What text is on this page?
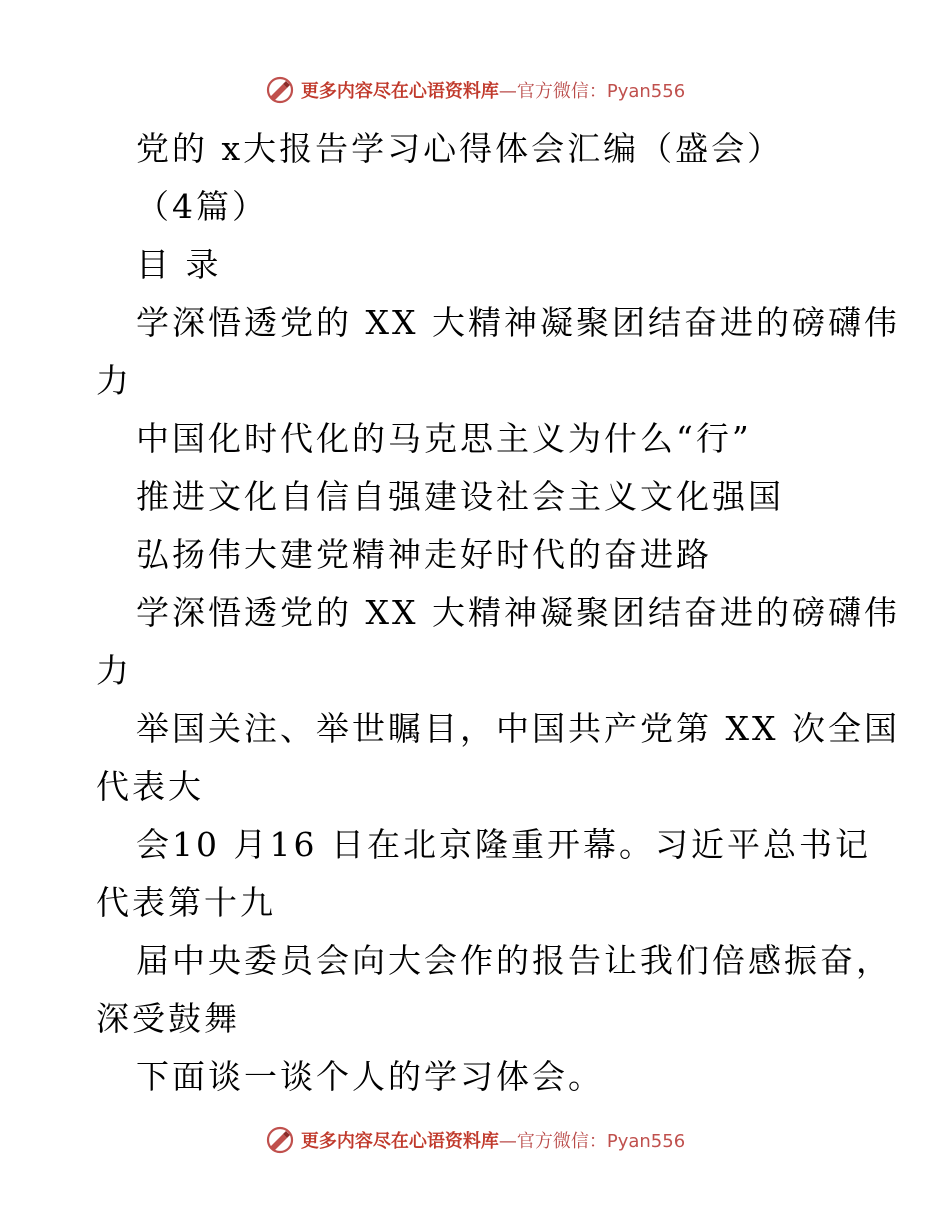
更多内容尽在心语资料库—官方微信：Pyan556
党的 x大报告学习心得体会汇编（盛会）
（4篇）
目 录
学深悟透党的 XX 大精神凝聚团结奋进的磅礴伟
力
中国化时代化的马克思主义为什么“行”
推进文化自信自强建设社会主义文化强国
弘扬伟大建党精神走好时代的奋进路
学深悟透党的 XX 大精神凝聚团结奋进的磅礴伟
力
举国关注、举世瞩目，中国共产党第 XX 次全国
代表大
会10 月16 日在北京隆重开幕。习近平总书记
代表第十九
届中央委员会向大会作的报告让我们倍感振奋，
深受鼓舞
下面谈一谈个人的学习体会。
更多内容尽在心语资料库—官方微信：Pyan556
